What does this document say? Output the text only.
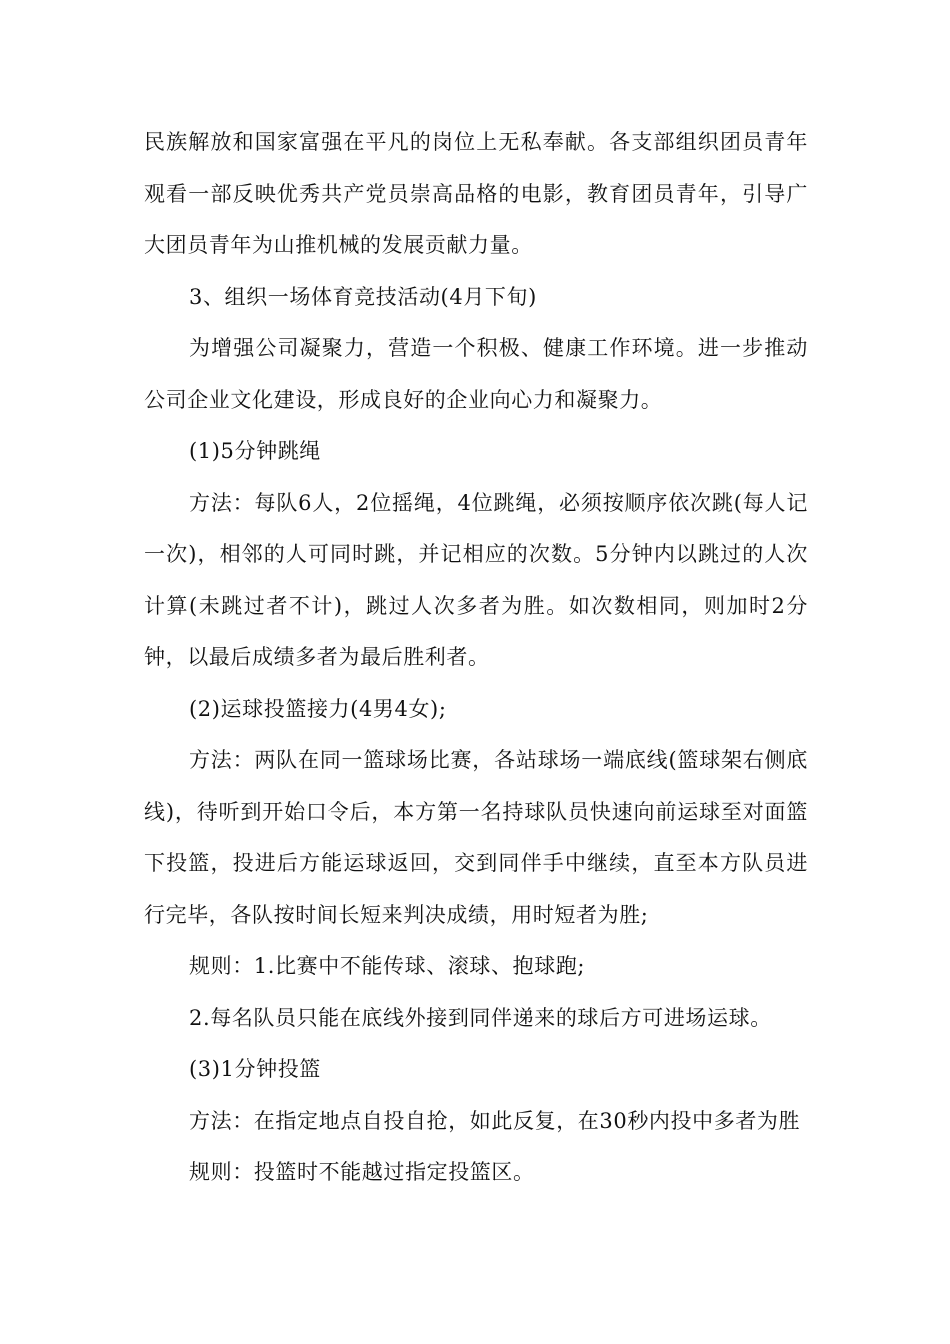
民族解放和国家富强在平凡的岗位上无私奉献。各支部组织团员青年观看一部反映优秀共产党员崇高品格的电影，教育团员青年，引导广大团员青年为山推机械的发展贡献力量。

3、组织一场体育竞技活动(4月下旬)

为增强公司凝聚力，营造一个积极、健康工作环境。进一步推动公司企业文化建设，形成良好的企业向心力和凝聚力。

(1)5分钟跳绳

方法：每队6人，2位摇绳，4位跳绳，必须按顺序依次跳(每人记一次)，相邻的人可同时跳，并记相应的次数。5分钟内以跳过的人次计算(未跳过者不计)，跳过人次多者为胜。如次数相同，则加时2分钟，以最后成绩多者为最后胜利者。

(2)运球投篮接力(4男4女);

方法：两队在同一篮球场比赛，各站球场一端底线(篮球架右侧底线)，待听到开始口令后，本方第一名持球队员快速向前运球至对面篮下投篮，投进后方能运球返回，交到同伴手中继续，直至本方队员进行完毕，各队按时间长短来判决成绩，用时短者为胜;

规则：1.比赛中不能传球、滚球、抱球跑;

2.每名队员只能在底线外接到同伴递来的球后方可进场运球。

(3)1分钟投篮

方法：在指定地点自投自抢，如此反复，在30秒内投中多者为胜

规则：投篮时不能越过指定投篮区。
